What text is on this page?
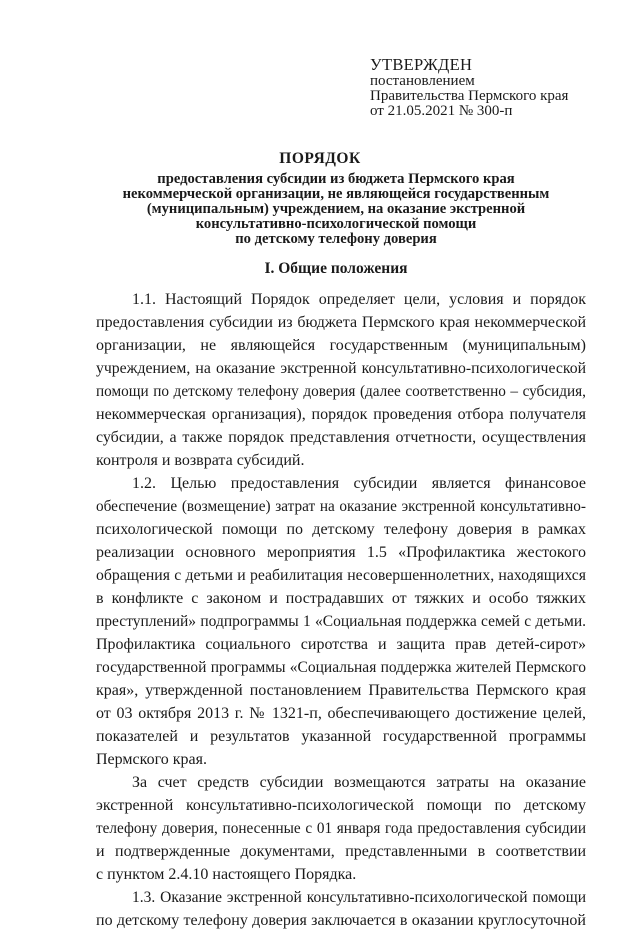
УТВЕРЖДЕН
постановлением
Правительства Пермского края
от 21.05.2021 № 300-п
ПОРЯДОК
предоставления субсидии из бюджета Пермского края
некоммерческой организации, не являющейся государственным
(муниципальным) учреждением, на оказание экстренной
консультативно-психологической помощи
по детскому телефону доверия
I. Общие положения
1.1. Настоящий Порядок определяет цели, условия и порядок
предоставления субсидии из бюджета Пермского края некоммерческой
организации, не являющейся государственным (муниципальным)
учреждением, на оказание экстренной консультативно-психологической
помощи по детскому телефону доверия (далее соответственно – субсидия,
некоммерческая организация), порядок проведения отбора получателя
субсидии, а также порядок представления отчетности, осуществления
контроля и возврата субсидий.
1.2. Целью предоставления субсидии является финансовое
обеспечение (возмещение) затрат на оказание экстренной консультативно-
психологической помощи по детскому телефону доверия в рамках
реализации основного мероприятия 1.5 «Профилактика жестокого
обращения с детьми и реабилитация несовершеннолетних, находящихся
в конфликте с законом и пострадавших от тяжких и особо тяжких
преступлений» подпрограммы 1 «Социальная поддержка семей с детьми.
Профилактика социального сиротства и защита прав детей-сирот»
государственной программы «Социальная поддержка жителей Пермского
края», утвержденной постановлением Правительства Пермского края
от 03 октября 2013 г. № 1321-п, обеспечивающего достижение целей,
показателей и результатов указанной государственной программы
Пермского края.
За счет средств субсидии возмещаются затраты на оказание
экстренной консультативно-психологической помощи по детскому
телефону доверия, понесенные с 01 января года предоставления субсидии
и подтвержденные документами, представленными в соответствии
с пунктом 2.4.10 настоящего Порядка.
1.3. Оказание экстренной консультативно-психологической помощи
по детскому телефону доверия заключается в оказании круглосуточной
